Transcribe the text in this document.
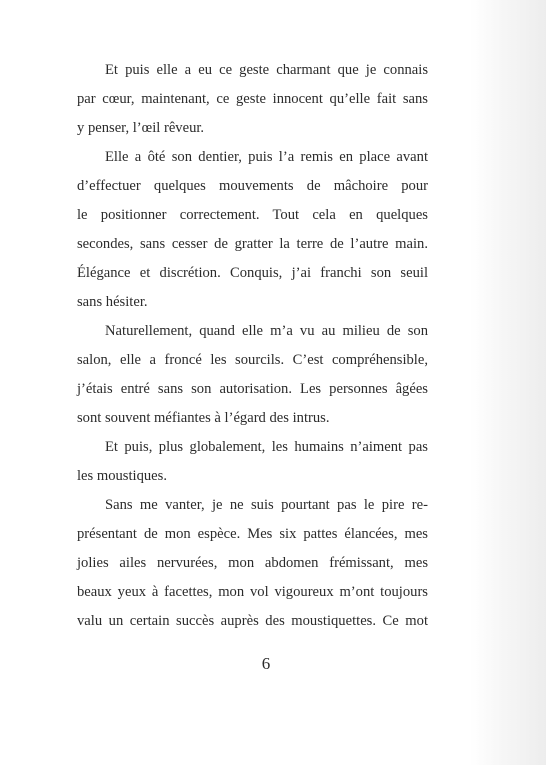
Et puis elle a eu ce geste charmant que je connais
par cœur, maintenant, ce geste innocent qu’elle fait sans
y penser, l’œil rêveur.

Elle a ôté son dentier, puis l’a remis en place avant
d’effectuer quelques mouvements de mâchoire pour
le positionner correctement. Tout cela en quelques
secondes, sans cesser de gratter la terre de l’autre main.
Élégance et discrétion. Conquis, j’ai franchi son seuil
sans hésiter.

Naturellement, quand elle m’a vu au milieu de son
salon, elle a froncé les sourcils. C’est compréhensible,
j’étais entré sans son autorisation. Les personnes âgées
sont souvent méfiantes à l’égard des intrus.

Et puis, plus globalement, les humains n’aiment pas
les moustiques.

Sans me vanter, je ne suis pourtant pas le pire re-
présentant de mon espèce. Mes six pattes élancées, mes
jolies ailes nervurées, mon abdomen frémissant, mes
beaux yeux à facettes, mon vol vigoureux m’ont toujours
valu un certain succès auprès des moustiquettes. Ce mot

6
